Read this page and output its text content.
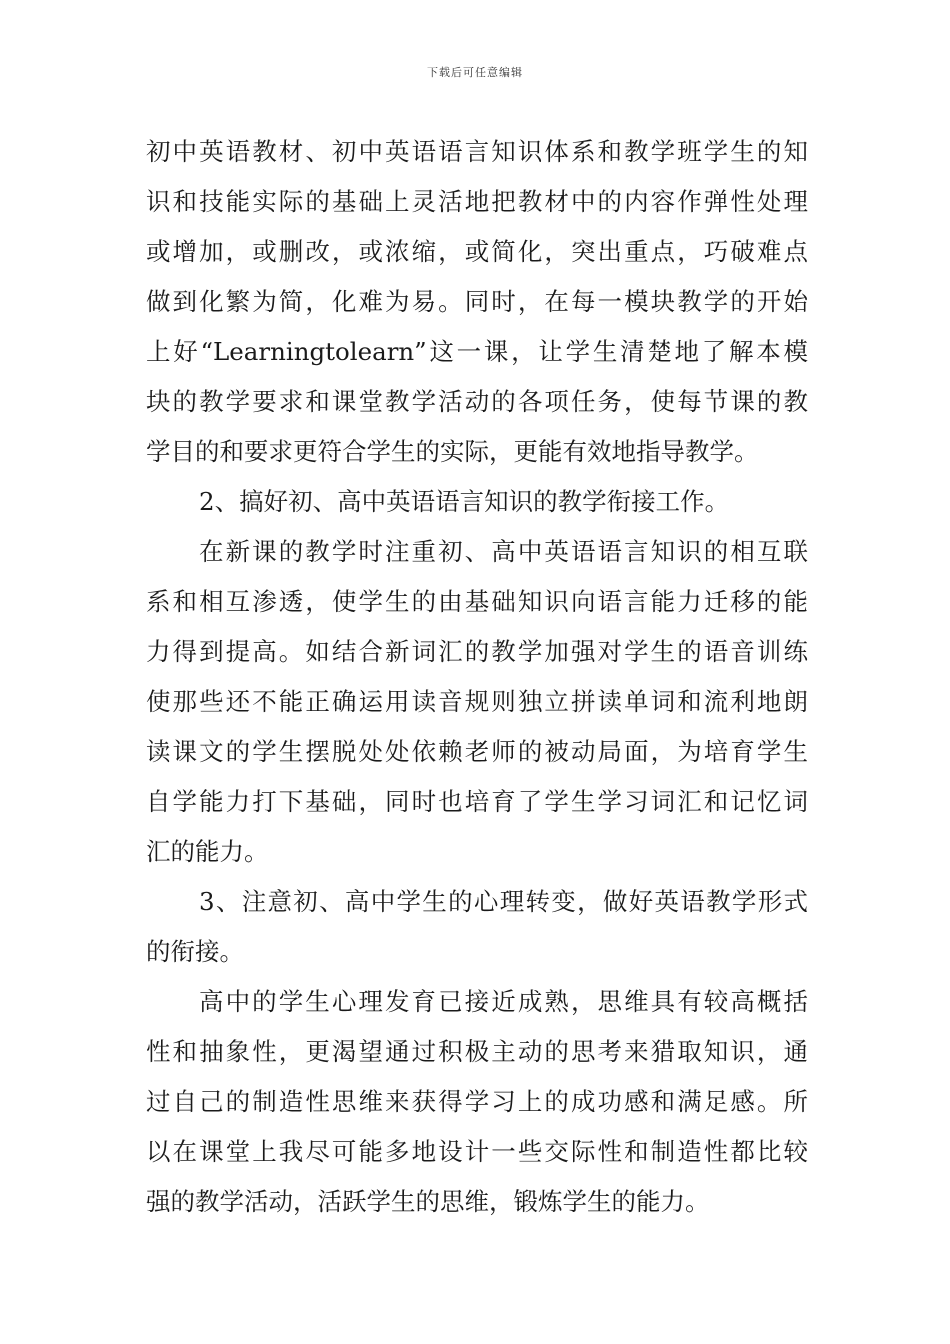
下载后可任意编辑
初中英语教材、初中英语语言知识体系和教学班学生的知
识和技能实际的基础上灵活地把教材中的内容作弹性处理
或增加，或删改，或浓缩，或简化，突出重点，巧破难点
做到化繁为简，化难为易。同时，在每一模块教学的开始
上好“Learningtolearn”这一课，让学生清楚地了解本模
块的教学要求和课堂教学活动的各项任务，使每节课的教
学目的和要求更符合学生的实际，更能有效地指导教学。
2、搞好初、高中英语语言知识的教学衔接工作。
在新课的教学时注重初、高中英语语言知识的相互联
系和相互渗透，使学生的由基础知识向语言能力迁移的能
力得到提高。如结合新词汇的教学加强对学生的语音训练
使那些还不能正确运用读音规则独立拼读单词和流利地朗
读课文的学生摆脱处处依赖老师的被动局面，为培育学生
自学能力打下基础，同时也培育了学生学习词汇和记忆词
汇的能力。
3、注意初、高中学生的心理转变，做好英语教学形式
的衔接。
高中的学生心理发育已接近成熟，思维具有较高概括
性和抽象性，更渴望通过积极主动的思考来猎取知识，通
过自己的制造性思维来获得学习上的成功感和满足感。所
以在课堂上我尽可能多地设计一些交际性和制造性都比较
强的教学活动，活跃学生的思维，锻炼学生的能力。
